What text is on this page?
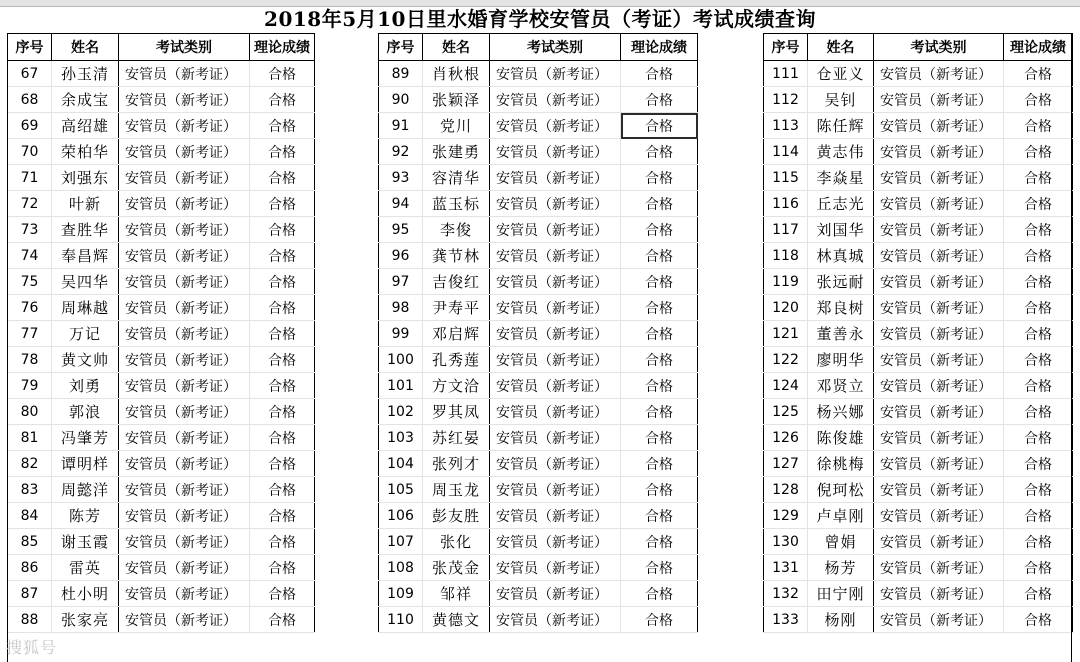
2018年5月10日里水婚育学校安管员（考证）考试成绩查询
序号	姓名	考试类别	理论成绩
67	孙玉清	安管员（新考证）	合格
68	余成宝	安管员（新考证）	合格
69	高绍雄	安管员（新考证）	合格
70	荣柏华	安管员（新考证）	合格
71	刘强东	安管员（新考证）	合格
72	叶新	安管员（新考证）	合格
73	查胜华	安管员（新考证）	合格
74	奉昌辉	安管员（新考证）	合格
75	吴四华	安管员（新考证）	合格
76	周琳越	安管员（新考证）	合格
77	万记	安管员（新考证）	合格
78	黄文帅	安管员（新考证）	合格
79	刘勇	安管员（新考证）	合格
80	郭浪	安管员（新考证）	合格
81	冯肇芳	安管员（新考证）	合格
82	谭明样	安管员（新考证）	合格
83	周懿洋	安管员（新考证）	合格
84	陈芳	安管员（新考证）	合格
85	谢玉霞	安管员（新考证）	合格
86	雷英	安管员（新考证）	合格
87	杜小明	安管员（新考证）	合格
88	张家亮	安管员（新考证）	合格
序号	姓名	考试类别	理论成绩
89	肖秋根	安管员（新考证）	合格
90	张颖泽	安管员（新考证）	合格
91	党川	安管员（新考证）	合格
92	张建勇	安管员（新考证）	合格
93	容清华	安管员（新考证）	合格
94	蓝玉标	安管员（新考证）	合格
95	李俊	安管员（新考证）	合格
96	龚节林	安管员（新考证）	合格
97	吉俊红	安管员（新考证）	合格
98	尹寿平	安管员（新考证）	合格
99	邓启辉	安管员（新考证）	合格
100	孔秀莲	安管员（新考证）	合格
101	方文洽	安管员（新考证）	合格
102	罗其凤	安管员（新考证）	合格
103	苏红晏	安管员（新考证）	合格
104	张列才	安管员（新考证）	合格
105	周玉龙	安管员（新考证）	合格
106	彭友胜	安管员（新考证）	合格
107	张化	安管员（新考证）	合格
108	张茂金	安管员（新考证）	合格
109	邹祥	安管员（新考证）	合格
110	黄德文	安管员（新考证）	合格
序号	姓名	考试类别	理论成绩
111	仓亚义	安管员（新考证）	合格
112	吴钊	安管员（新考证）	合格
113	陈任辉	安管员（新考证）	合格
114	黄志伟	安管员（新考证）	合格
115	李焱星	安管员（新考证）	合格
116	丘志光	安管员（新考证）	合格
117	刘国华	安管员（新考证）	合格
118	林真城	安管员（新考证）	合格
119	张远耐	安管员（新考证）	合格
120	郑良树	安管员（新考证）	合格
121	董善永	安管员（新考证）	合格
122	廖明华	安管员（新考证）	合格
124	邓贤立	安管员（新考证）	合格
125	杨兴娜	安管员（新考证）	合格
126	陈俊雄	安管员（新考证）	合格
127	徐桃梅	安管员（新考证）	合格
128	倪珂松	安管员（新考证）	合格
129	卢卓刚	安管员（新考证）	合格
130	曾娟	安管员（新考证）	合格
131	杨芳	安管员（新考证）	合格
132	田宁刚	安管员（新考证）	合格
133	杨刚	安管员（新考证）	合格
搜狐号
